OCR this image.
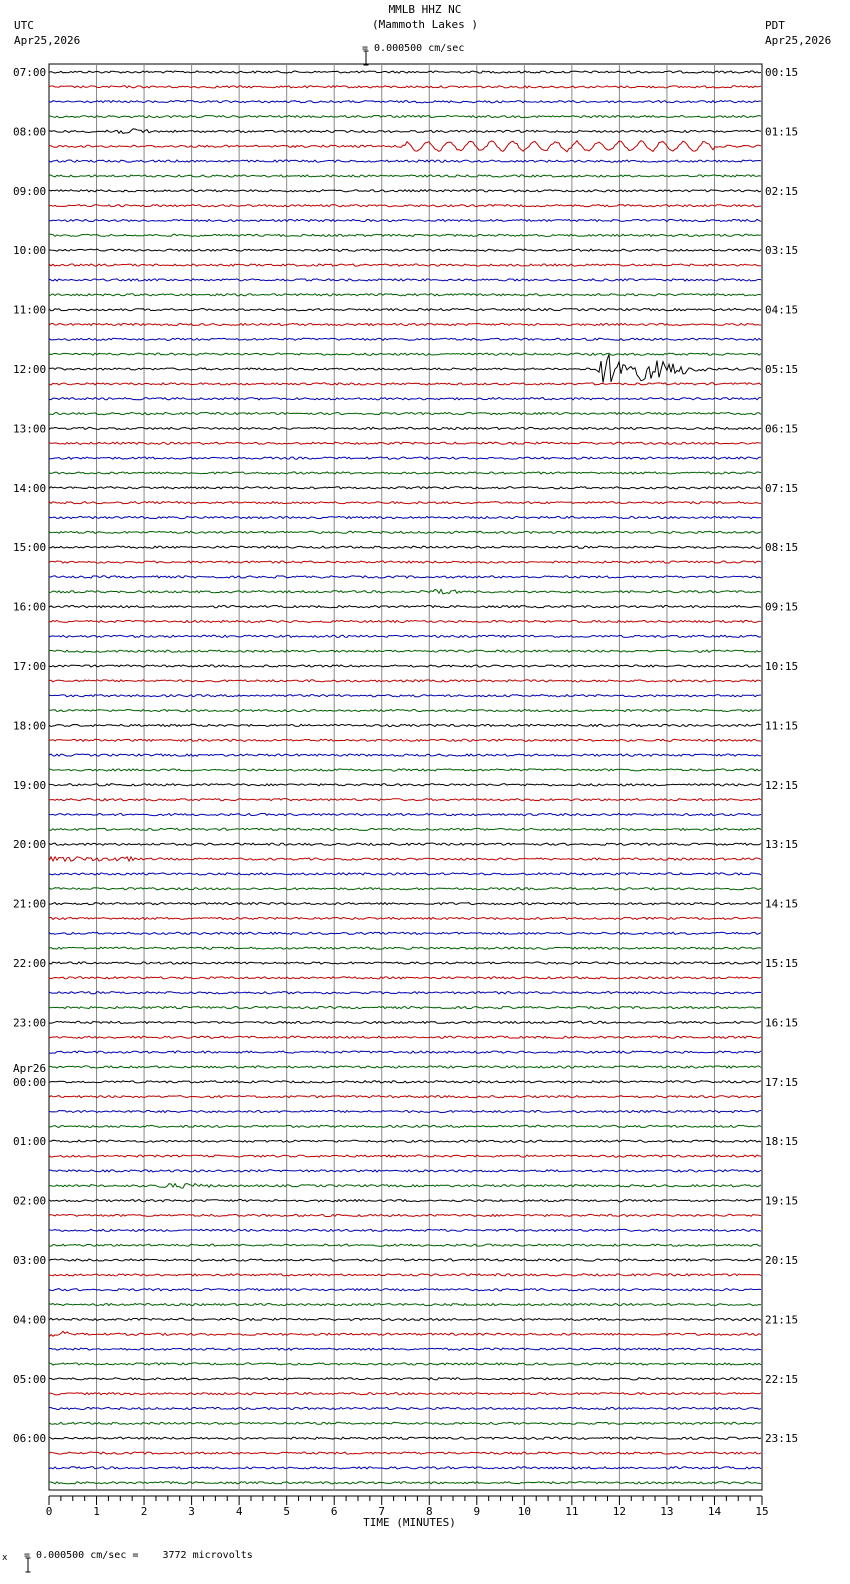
MMLB HHZ NC
(Mammoth Lakes )

= 0.000500 cm/sec
UTC
Apr25,2026
PDT
Apr25,2026
07:00
08:00
09:00
10:00
11:00
12:00
13:00
14:00
15:00
16:00
17:00
18:00
19:00
20:00
21:00
22:00
23:00
00:00
01:00
02:00
03:00
04:00
05:00
06:00
00:15
01:15
02:15
03:15
04:15
05:15
06:15
07:15
08:15
09:15
10:15
11:15
12:15
13:15
14:15
15:15
16:15
17:15
18:15
19:15
20:15
21:15
22:15
23:15
Apr26
0	1	2	3	4	5	6	7	8	9	10	11	12	13	14	15
TIME (MINUTES)
x

= 0.000500 cm/sec =    3772 microvolts
